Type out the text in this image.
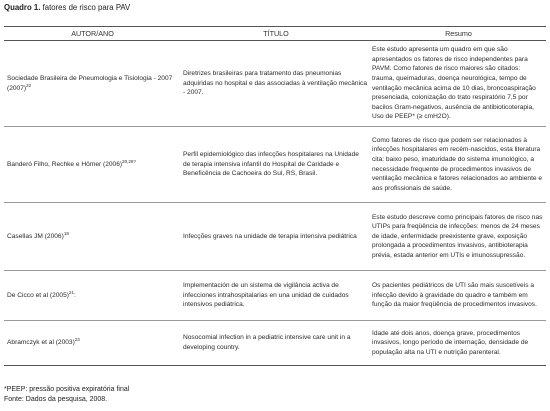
Quadro 1. fatores de risco para PAV
AUTOR/ANO	TÍTULO	Resumo
Sociedade Brasileira de Pneumologia e Tisiologia - 2007 $(2007)^{22}$	Diretrizes brasileiras para tratamento das pneumonias adquiridas no hospital e das associadas à ventilação mecânica - 2007.	Este estudo apresenta um quadro em que são apresentados os fatores de risco independentes para PAVM. Como fatores de risco maiores são citados: trauma, queimaduras, doença neurológica, tempo de ventilação mecânica acima de 10 dias, broncoaspiração presenciada, colonização do trato respiratório 7,5 por bacilos Gram-negativos, ausência de antibioticoterapia, Uso de PEEP* (≥ cmH2O).
Banderó Filho, Rechke e Hömer $(2006)^{20,26?}$	Perfil epidemiológico das infecções hospitalares na Unidade de terapia intensiva infantil do Hospital de Caridade e Beneficência de Cachoeira do Sul, RS, Brasil.	Como fatores de risco que podem ser relacionados à infecções hospitalares em recém-nascidos, esta literatura cita: baixo peso, imaturidade do sistema imunológico, a necessidade frequente de procedimentos invasivos de ventilação mecânica e fatores relacionados ao ambiente e aos profissionais de saúde.
Casellas JM $(2006)^{18}$	Infecções graves na unidade de terapia intensiva pediátrica	Este estudo descreve como principais fatores de risco nas UTIPs para freqüência de infecções: menos de 24 meses de idade, enfermidade preexistente grave, exposição prolongada a procedimentos invasivos, antibioterapia prévia, estada anterior em UTIs e imunossupressão.
De Cicco et al $(2005)^{21}$:	Implementación de un sistema de vigilância activa de infecciones intrahospitalarias en una unidad de cuidados intensivos pediátrica.	Os pacientes pediátricos de UTI são mais suscetíveis a infecção devido à gravidade do quadro e também em função da maior freqüência de procedimentos invasivos.
Abramczyk et al $(2003)^{23}$	Nosocomial infection in a pediatric intensive care unit in a developing country.	Idade até dois anos, doença grave, procedimentos invasivos, longo período de internação, densidade de população alta na UTI e nutrição parenteral.
*PEEP: pressão positiva expiratória final
Fonte: Dados da pesquisa, 2008.
